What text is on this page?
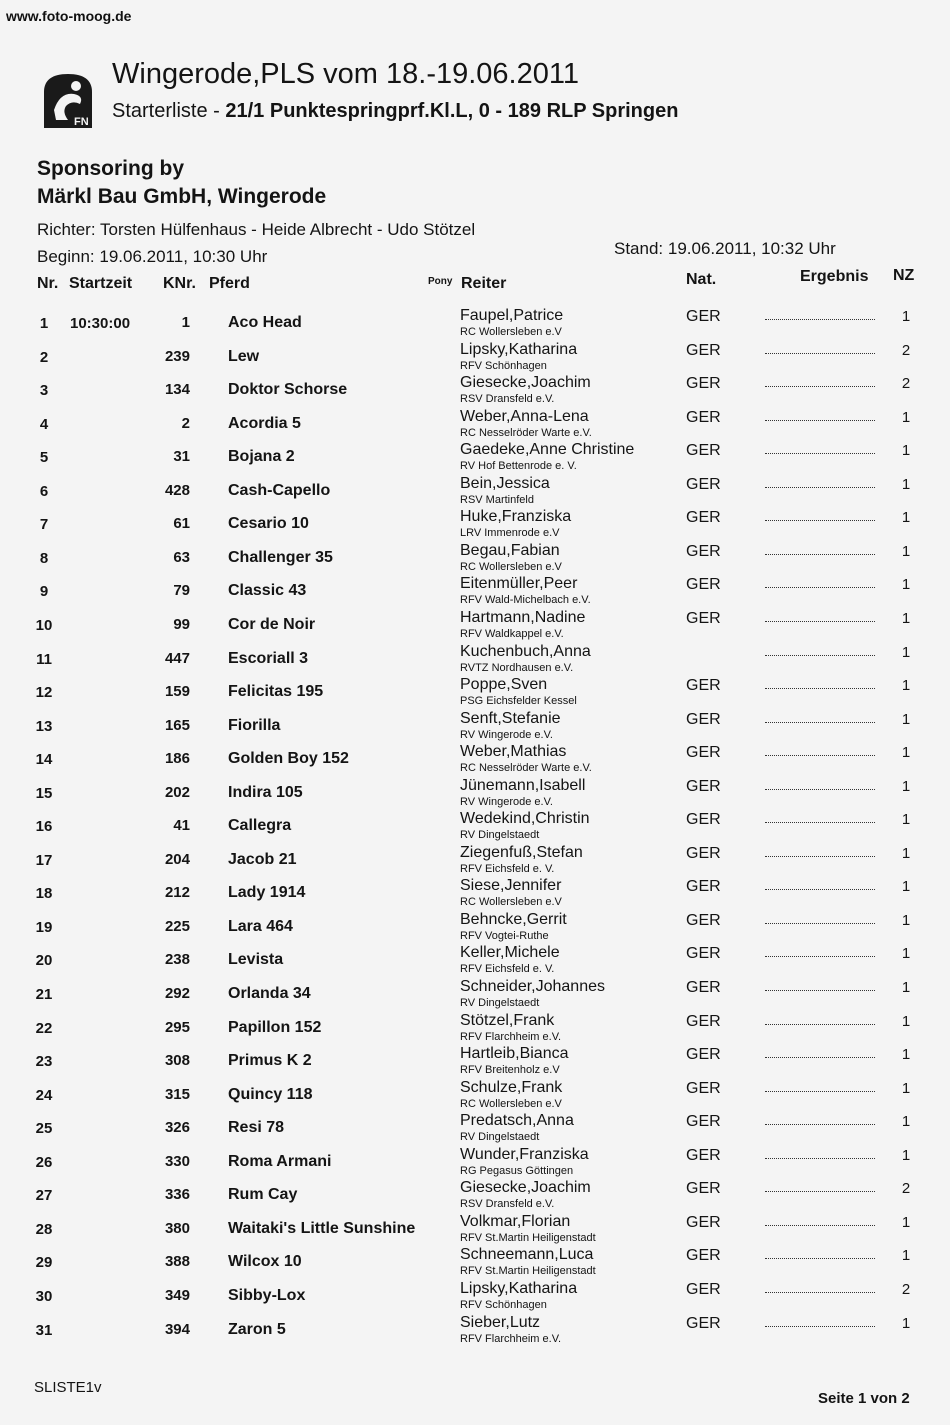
www.foto-moog.de
FN
Wingerode,PLS vom 18.-19.06.2011
Starterliste - 21/1 Punktespringprf.Kl.L, 0 - 189 RLP Springen
Sponsoring by
Märkl Bau GmbH, Wingerode
Richter: Torsten Hülfenhaus - Heide Albrecht - Udo Stötzel
Beginn: 19.06.2011, 10:30 Uhr	Stand: 19.06.2011, 10:32 Uhr
Nr. Startzeit KNr. Pferd	Pony Reiter	Nat.	Ergebnis NZ
1	10:30:00	1 Aco Head	Faupel,Patrice
RC Wollersleben e.V
GER	1
2	239 Lew	Lipsky,Katharina
RFV Schönhagen
GER	2
3	134 Doktor Schorse	Giesecke,Joachim
RSV Dransfeld e.V.
GER	2
4	2 Acordia 5	Weber,Anna-Lena
RC Nesselröder Warte e.V.
GER	1
5	31 Bojana 2	Gaedeke,Anne Christine
RV Hof Bettenrode e. V.
GER	1
6	428 Cash-Capello	Bein,Jessica
RSV Martinfeld
GER	1
7	61 Cesario 10	Huke,Franziska
LRV Immenrode e.V
GER	1
8	63 Challenger 35	Begau,Fabian
RC Wollersleben e.V
GER	1
9	79 Classic 43	Eitenmüller,Peer
RFV Wald-Michelbach e.V.
GER	1
10	99 Cor de Noir	Hartmann,Nadine
RFV Waldkappel e.V.
GER	1
11	447 Escoriall 3	Kuchenbuch,Anna
RVTZ Nordhausen e.V.
1
12	159 Felicitas 195	Poppe,Sven
PSG Eichsfelder Kessel
GER	1
13	165 Fiorilla	Senft,Stefanie
RV Wingerode e.V.
GER	1
14	186 Golden Boy 152	Weber,Mathias
RC Nesselröder Warte e.V.
GER	1
15	202 Indira 105	Jünemann,Isabell
RV Wingerode e.V.
GER	1
16	41 Callegra	Wedekind,Christin
RV Dingelstaedt
GER	1
17	204 Jacob 21	Ziegenfuß,Stefan
RFV Eichsfeld e. V.
GER	1
18	212 Lady 1914	Siese,Jennifer
RC Wollersleben e.V
GER	1
19	225 Lara 464	Behncke,Gerrit
RFV Vogtei-Ruthe
GER	1
20	238 Levista	Keller,Michele
RFV Eichsfeld e. V.
GER	1
21	292 Orlanda 34	Schneider,Johannes
RV Dingelstaedt
GER	1
22	295 Papillon 152	Stötzel,Frank
RFV Flarchheim e.V.
GER	1
23	308 Primus K 2	Hartleib,Bianca
RFV Breitenholz e.V
GER	1
24	315 Quincy 118	Schulze,Frank
RC Wollersleben e.V
GER	1
25	326 Resi 78	Predatsch,Anna
RV Dingelstaedt
GER	1
26	330 Roma Armani	Wunder,Franziska
RG Pegasus Göttingen
GER	1
27	336 Rum Cay	Giesecke,Joachim
RSV Dransfeld e.V.
GER	2
28	380 Waitaki's Little Sunshine	Volkmar,Florian
RFV St.Martin Heiligenstadt
GER	1
29	388 Wilcox 10	Schneemann,Luca
RFV St.Martin Heiligenstadt
GER	1
30	349 Sibby-Lox	Lipsky,Katharina
RFV Schönhagen
GER	2
31	394 Zaron 5	Sieber,Lutz
RFV Flarchheim e.V.
GER	1
SLISTE1v
Seite 1 von 2
